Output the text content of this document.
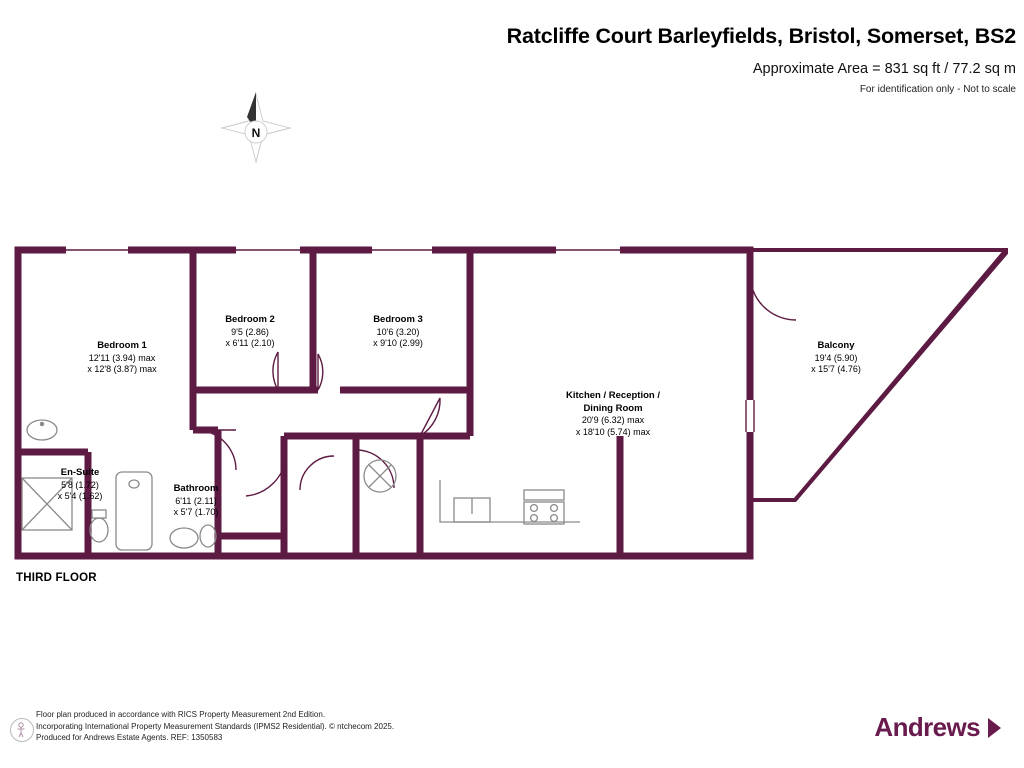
Ratcliffe Court Barleyfields, Bristol, Somerset, BS2
Approximate Area = 831 sq ft / 77.2 sq m
For identification only - Not to scale
N
Bedroom 1
12'11 (3.94) max
x 12'8 (3.87) max
Bedroom 2
9'5 (2.86)
x 6'11 (2.10)
Bedroom 3
10'6 (3.20)
x 9'10 (2.99)
Kitchen / Reception /
Dining Room
20'9 (6.32) max
x 18'10 (5.74) max
Balcony
19'4 (5.90)
x 15'7 (4.76)
En-Suite
5'8 (1.72)
x 5'4 (1.62)
Bathroom
6'11 (2.11)
x 5'7 (1.70)
THIRD FLOOR
Floor plan produced in accordance with RICS Property Measurement 2nd Edition.
Incorporating International Property Measurement Standards (IPMS2 Residential). © ntchecom 2025.
Produced for Andrews Estate Agents. REF: 1350583	Andrews
